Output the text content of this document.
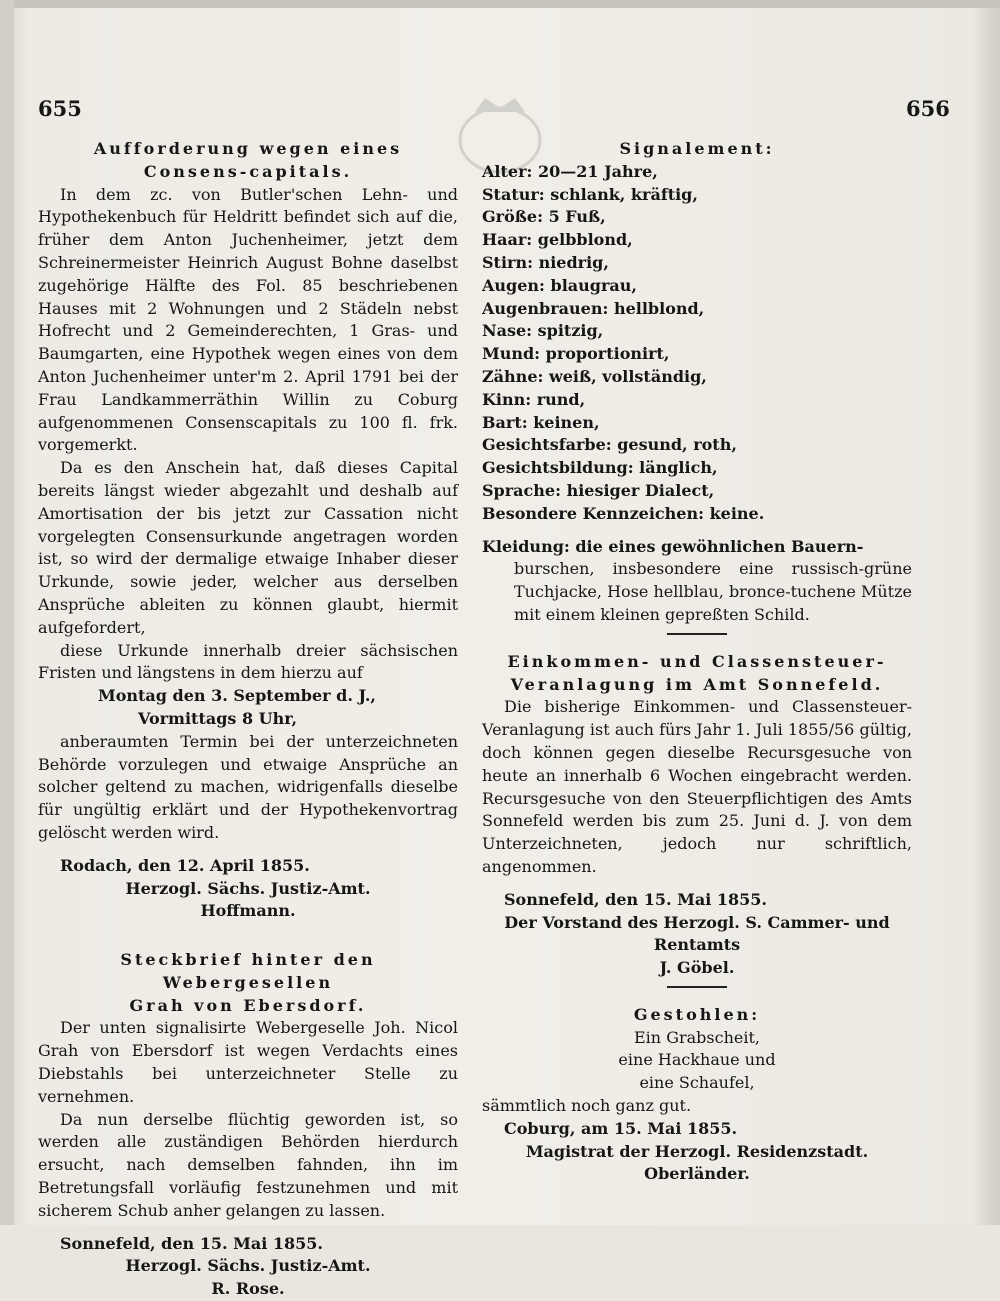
655	656

Aufforderung wegen eines Consens-capitals.

In dem zc. von Butler'schen Lehn- und Hypothekenbuch für Heldritt befindet sich auf die, früher dem Anton Juchenheimer, jetzt dem Schreinermeister Heinrich August Bohne daselbst zugehörige Hälfte des Fol. 85 beschriebenen Hauses mit 2 Wohnungen und 2 Städeln nebst Hofrecht und 2 Gemeinderechten, 1 Gras- und Baumgarten, eine Hypothek wegen eines von dem Anton Juchenheimer unter'm 2. April 1791 bei der Frau Landkammerräthin Willin zu Coburg aufgenommenen Consenscapitals zu 100 fl. frk. vorgemerkt.

Da es den Anschein hat, daß dieses Capital bereits längst wieder abgezahlt und deshalb auf Amortisation der bis jetzt zur Cassation nicht vorgelegten Consensurkunde angetragen worden ist, so wird der dermalige etwaige Inhaber dieser Urkunde, sowie jeder, welcher aus derselben Ansprüche ableiten zu können glaubt, hiermit aufgefordert,

diese Urkunde innerhalb dreier sächsischen Fristen und längstens in dem hierzu auf

Montag den 3. September d. J.,

Vormittags 8 Uhr,

anberaumten Termin bei der unterzeichneten Behörde vorzulegen und etwaige Ansprüche an solcher geltend zu machen, widrigenfalls dieselbe für ungültig erklärt und der Hypothekenvortrag gelöscht werden wird.

Rodach, den 12. April 1855.

Herzogl. Sächs. Justiz-Amt.

Hoffmann.

Steckbrief hinter den Webergesellen

Grah von Ebersdorf.

Der unten signalisirte Webergeselle Joh. Nicol Grah von Ebersdorf ist wegen Verdachts eines Diebstahls bei unterzeichneter Stelle zu vernehmen.

Da nun derselbe flüchtig geworden ist, so werden alle zuständigen Behörden hierdurch ersucht, nach demselben fahnden, ihn im Betretungsfall vorläufig festzunehmen und mit sicherem Schub anher gelangen zu lassen.

Sonnefeld, den 15. Mai 1855.

Herzogl. Sächs. Justiz-Amt.

R. Rose.

Signalement:

Alter: 20—21 Jahre,

Statur: schlank, kräftig,

Größe: 5 Fuß,

Haar: gelbblond,

Stirn: niedrig,

Augen: blaugrau,

Augenbrauen: hellblond,

Nase: spitzig,

Mund: proportionirt,

Zähne: weiß, vollständig,

Kinn: rund,

Bart: keinen,

Gesichtsfarbe: gesund, roth,

Gesichtsbildung: länglich,

Sprache: hiesiger Dialect,

Besondere Kennzeichen: keine.

Kleidung: die eines gewöhnlichen Bauern-

burschen, insbesondere eine russisch-grüne Tuchjacke, Hose hellblau, bronce-tuchene Mütze mit einem kleinen gepreßten Schild.

Einkommen- und Classensteuer-Veranlagung im Amt Sonnefeld.

Die bisherige Einkommen- und Classensteuer-Veranlagung ist auch fürs Jahr 1. Juli 1855/56 gültig, doch können gegen dieselbe Recursgesuche von heute an innerhalb 6 Wochen eingebracht werden. Recursgesuche von den Steuerpflichtigen des Amts Sonnefeld werden bis zum 25. Juni d. J. von dem Unterzeichneten, jedoch nur schriftlich, angenommen.

Sonnefeld, den 15. Mai 1855.

Der Vorstand des Herzogl. S. Cammer- und

Rentamts

J. Göbel.

Gestohlen:

Ein Grabscheit,

eine Hackhaue und

eine Schaufel,

sämmtlich noch ganz gut.

Coburg, am 15. Mai 1855.

Magistrat der Herzogl. Residenzstadt.

Oberländer.
